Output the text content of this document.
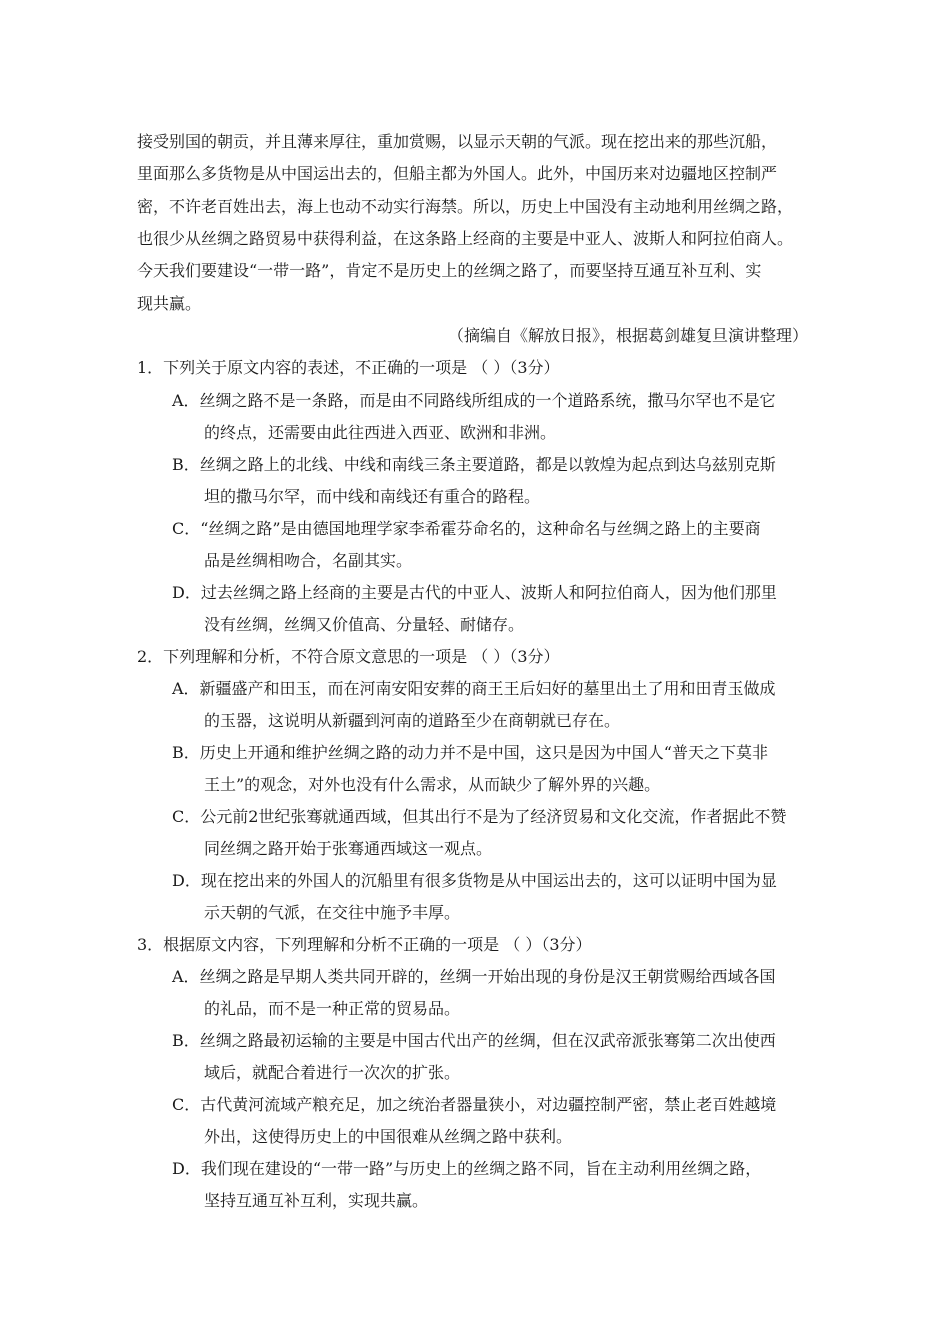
接受别国的朝贡，并且薄来厚往，重加赏赐，以显示天朝的气派。现在挖出来的那些沉船，
里面那么多货物是从中国运出去的，但船主都为外国人。此外，中国历来对边疆地区控制严
密，不许老百姓出去，海上也动不动实行海禁。所以，历史上中国没有主动地利用丝绸之路，
也很少从丝绸之路贸易中获得利益，在这条路上经商的主要是中亚人、波斯人和阿拉伯商人。
今天我们要建设“一带一路”，肯定不是历史上的丝绸之路了，而要坚持互通互补互利、实
现共赢。
（摘编自《解放日报》，根据葛剑雄复旦演讲整理）
1．下列关于原文内容的表述，不正确的一项是 （ ）（3分）
A．丝绸之路不是一条路，而是由不同路线所组成的一个道路系统，撒马尔罕也不是它
的终点，还需要由此往西进入西亚、欧洲和非洲。
B．丝绸之路上的北线、中线和南线三条主要道路，都是以敦煌为起点到达乌兹别克斯
坦的撒马尔罕，而中线和南线还有重合的路程。
C．“丝绸之路”是由德国地理学家李希霍芬命名的，这种命名与丝绸之路上的主要商
品是丝绸相吻合，名副其实。
D．过去丝绸之路上经商的主要是古代的中亚人、波斯人和阿拉伯商人，因为他们那里
没有丝绸，丝绸又价值高、分量轻、耐储存。
2．下列理解和分析，不符合原文意思的一项是 （ ）（3分）
A．新疆盛产和田玉，而在河南安阳安葬的商王王后妇好的墓里出土了用和田青玉做成
的玉器，这说明从新疆到河南的道路至少在商朝就已存在。
B．历史上开通和维护丝绸之路的动力并不是中国，这只是因为中国人“普天之下莫非
王土”的观念，对外也没有什么需求，从而缺少了解外界的兴趣。
C．公元前2世纪张骞就通西域，但其出行不是为了经济贸易和文化交流，作者据此不赞
同丝绸之路开始于张骞通西域这一观点。
D．现在挖出来的外国人的沉船里有很多货物是从中国运出去的，这可以证明中国为显
示天朝的气派，在交往中施予丰厚。
3．根据原文内容，下列理解和分析不正确的一项是 （ ）（3分）
A．丝绸之路是早期人类共同开辟的，丝绸一开始出现的身份是汉王朝赏赐给西域各国
的礼品，而不是一种正常的贸易品。
B．丝绸之路最初运输的主要是中国古代出产的丝绸，但在汉武帝派张骞第二次出使西
域后，就配合着进行一次次的扩张。
C．古代黄河流域产粮充足，加之统治者器量狭小，对边疆控制严密，禁止老百姓越境
外出，这使得历史上的中国很难从丝绸之路中获利。
D．我们现在建设的“一带一路”与历史上的丝绸之路不同，旨在主动利用丝绸之路，
坚持互通互补互利，实现共赢。
